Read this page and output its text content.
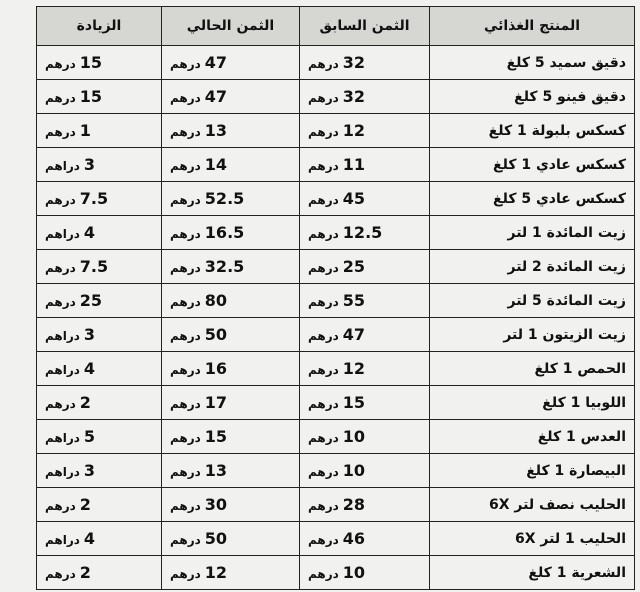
المنتج الغذائي	الثمن السابق	الثمن الحالي	الزيادة
دقيق سميد 5 كلغ	32درهم	47درهم	15درهم
دقيق فينو 5 كلغ	32درهم	47درهم	15درهم
كسكس بلبولة 1 كلغ	12درهم	13درهم	1درهم
كسكس عادي 1 كلغ	11درهم	14درهم	3دراهم
كسكس عادي 5 كلغ	45درهم	52.5درهم	7.5درهم
زيت المائدة 1 لتر	12.5درهم	16.5درهم	4دراهم
زيت المائدة 2 لتر	25درهم	32.5درهم	7.5درهم
زيت المائدة 5 لتر	55درهم	80درهم	25درهم
زيت الزيتون 1 لتر	47درهم	50درهم	3دراهم
الحمص 1 كلغ	12درهم	16درهم	4دراهم
اللوبيا 1 كلغ	15درهم	17درهم	2درهم
العدس 1 كلغ	10درهم	15درهم	5دراهم
البيصارة 1 كلغ	10درهم	13درهم	3دراهم
الحليب نصف لتر 6X	28درهم	30درهم	2درهم
الحليب 1 لتر 6X	46درهم	50درهم	4دراهم
الشعرية 1 كلغ	10درهم	12درهم	2درهم
